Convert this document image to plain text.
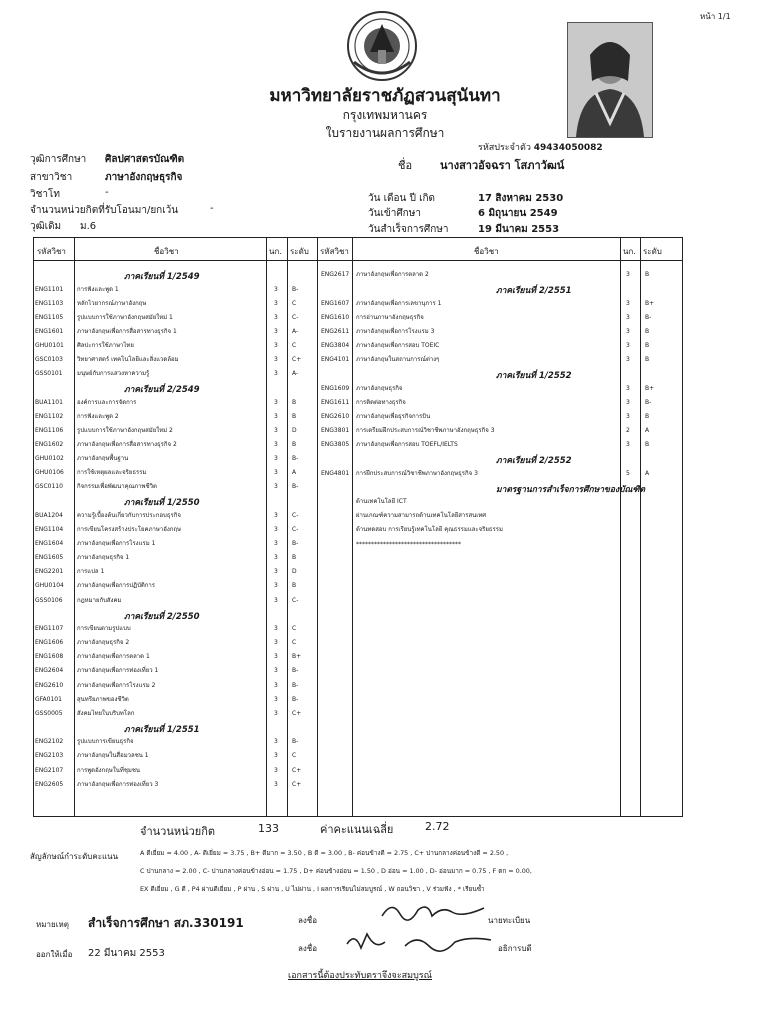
หน้า 1/1
มหาวิทยาลัยราชภัฏสวนสุนันทา
กรุงเทพมหานคร
ใบรายงานผลการศึกษา
รหัสประจำตัว 49434050082
วุฒิการศึกษา ศิลปศาสตรบัณฑิต
สาขาวิชา	ภาษาอังกฤษธุรกิจ
วิชาโท	-
จำนวนหน่วยกิตที่รับโอนมา/ยกเว้น	-
วุฒิเดิม ม.6
ชื่อ	นางสาวอัจฉรา โสภาวัฒน์
วัน เดือน ปี เกิด	17 สิงหาคม 2530
วันเข้าศึกษา	6 มิถุนายน 2549
วันสำเร็จการศึกษา	19 มีนาคม 2553
รหัสวิชา	ชื่อวิชา	นก. ระดับ รหัสวิชา	ชื่อวิชา	นก. ระดับ
ภาคเรียนที่ 1/2549
ENG1101 การฟังและพูด 1	3 B-
ENG1103 หลักไวยากรณ์ภาษาอังกฤษ	3 C
ENG1105 รูปแบบการใช้ภาษาอังกฤษสมัยใหม่ 1	3 C-
ENG1601 ภาษาอังกฤษเพื่อการสื่อสารทางธุรกิจ 1	3 A-
GHU0101 ศิลปะการใช้ภาษาไทย	3 C
GSC0103 วิทยาศาสตร์ เทคโนโลยีและสิ่งแวดล้อม	3 C+
GSS0101 มนุษย์กับการแสวงหาความรู้	3 A-
ภาคเรียนที่ 2/2549
BUA1101 องค์การและการจัดการ	3 B
ENG1102 การฟังและพูด 2	3 B
ENG1106 รูปแบบการใช้ภาษาอังกฤษสมัยใหม่ 2	3 D
ENG1602 ภาษาอังกฤษเพื่อการสื่อสารทางธุรกิจ 2	3 B
GHU0102 ภาษาอังกฤษพื้นฐาน	3 B-
GHU0106 การใช้เหตุผลและจริยธรรม	3 A
GSC0110 กิจกรรมเพื่อพัฒนาคุณภาพชีวิต	3 B-
ภาคเรียนที่ 1/2550
BUA1204 ความรู้เบื้องต้นเกี่ยวกับการประกอบธุรกิจ	3 C-
ENG1104 การเขียนโครงสร้างประโยคภาษาอังกฤษ	3 C-
ENG1604 ภาษาอังกฤษเพื่อการโรงแรม 1	3 B-
ENG1605 ภาษาอังกฤษธุรกิจ 1	3 B
ENG2201 การแปล 1	3 D
GHU0104 ภาษาอังกฤษเพื่อการปฏิบัติการ	3 B
GSS0106 กฎหมายกับสังคม	3 C-
ภาคเรียนที่ 2/2550
ENG1107 การเขียนตามรูปแบบ	3 C
ENG1606 ภาษาอังกฤษธุรกิจ 2	3 C
ENG1608 ภาษาอังกฤษเพื่อการตลาด 1	3 B+
ENG2604 ภาษาอังกฤษเพื่อการท่องเที่ยว 1	3 B-
ENG2610 ภาษาอังกฤษเพื่อการโรงแรม 2	3 B-
GFA0101	สุนทรียภาพของชีวิต	3 B-
GSS0005 สังคมไทยในบริบทโลก	3 C+
ภาคเรียนที่ 1/2551
ENG2102 รูปแบบการเขียนธุรกิจ	3 B-
ENG2103 ภาษาอังกฤษในสื่อมวลชน 1	3 C
ENG2107 การพูดอังกฤษในที่ชุมชน	3 C+
ENG2605 ภาษาอังกฤษเพื่อการท่องเที่ยว 3	3 C+
ENG2617 ภาษาอังกฤษเพื่อการตลาด 2	3	B
ภาคเรียนที่ 2/2551
ENG1607 ภาษาอังกฤษเพื่อการเลขานุการ 1	3	B+
ENG1610 การอ่านภาษาอังกฤษธุรกิจ	3	B-
ENG2611 ภาษาอังกฤษเพื่อการโรงแรม 3	3	B
ENG3804 ภาษาอังกฤษเพื่อการสอบ TOEIC	3	B
ENG4101 ภาษาอังกฤษในสถานการณ์ต่างๆ	3	B
ภาคเรียนที่ 1/2552
ENG1609 ภาษาอังกฤษธุรกิจ	3	B+
ENG1611 การติดต่อทางธุรกิจ	3	B-
ENG2610 ภาษาอังกฤษเพื่อธุรกิจการบิน	3	B
ENG3801 การเตรียมฝึกประสบการณ์วิชาชีพภาษาอังกฤษธุรกิจ 3	2	A
ENG3805 ภาษาอังกฤษเพื่อการสอบ TOEFL/IELTS	3	B
ภาคเรียนที่ 2/2552
ENG4801 การฝึกประสบการณ์วิชาชีพภาษาอังกฤษธุรกิจ 3	5	A
มาตรฐานการสำเร็จการศึกษาของบัณฑิต
ด้านเทคโนโลยี ICT
ผ่านเกณฑ์ความสามารถด้านเทคโนโลยีสารสนเทศ
ด้านทดสอบ การเรียนรู้เทคโนโลยี คุณธรรมและจริยธรรม
***********************************
จำนวนหน่วยกิต	133	ค่าคะแนนเฉลี่ย	2.72
สัญลักษณ์กำระดับคะแนน	A ดีเยี่ยม = 4.00 , A- ดีเยี่ยม = 3.75 , B+ ดีมาก = 3.50 , B ดี = 3.00 , B- ค่อนข้างดี = 2.75 , C+ ปานกลางค่อนข้างดี = 2.50 ,
C ปานกลาง = 2.00 , C- ปานกลางค่อนข้างอ่อน = 1.75 , D+ ค่อนข้างอ่อน = 1.50 , D อ่อน = 1.00 , D- อ่อนมาก = 0.75 , F ตก = 0.00,
EX ดีเยี่ยม , G ดี , P4 ผ่านดีเยี่ยม , P ผ่าน , S ผ่าน , U ไม่ผ่าน , I ผลการเรียนไม่สมบูรณ์ , W ถอนวิชา , V ร่วมฟัง , * เรียนซ้ำ
หมายเหตุ สำเร็จการศึกษา สภ.330191
ออกให้เมื่อ 22 มีนาคม 2553
ลงชื่อ	นายทะเบียน
ลงชื่อ	อธิการบดี
เอกสารนี้ต้องประทับตราจึงจะสมบูรณ์
